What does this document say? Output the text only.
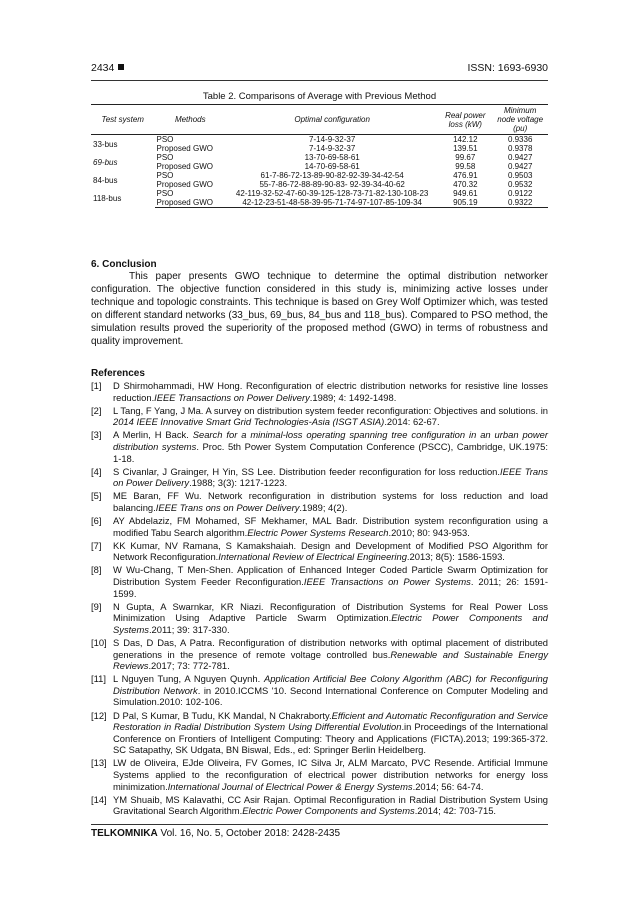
2434	ISSN: 1693-6930
Table 2. Comparisons of Average with Previous Method
Test system	Methods	Optimal configuration	Real power loss (kW)	Minimum node voltage (pu)
33-bus	PSO	7-14-9-32-37	142.12	0.9336
	Proposed GWO	7-14-9-32-37	139.51	0.9378
69-bus	PSO	13-70-69-58-61	99.67	0.9427
	Proposed GWO	14-70-69-58-61	99.58	0.9427
84-bus	PSO	61-7-86-72-13-89-90-82-92-39-34-42-54	476.91	0.9503
	Proposed GWO	55-7-86-72-88-89-90-83- 92-39-34-40-62	470.32	0.9532
118-bus	PSO	42-119-32-52-47-60-39-125-128-73-71-82-130-108-23	949.61	0.9122
	Proposed GWO	42-12-23-51-48-58-39-95-71-74-97-107-85-109-34	905.19	0.9322
6. Conclusion
This paper presents GWO technique to determine the optimal distribution networker configuration. The objective function considered in this study is, minimizing active losses under technique and topologic constraints. This technique is based on Grey Wolf Optimizer which, was tested on different standard networks (33_bus, 69_bus, 84_bus and 118_bus). Compared to PSO method, the simulation results proved the superiority of the proposed method (GWO) in terms of robustness and quality improvement.
References
[1] D Shirmohammadi, HW Hong. Reconfiguration of electric distribution networks for resistive line losses reduction.IEEE Transactions on Power Delivery.1989; 4: 1492-1498.
[2] L Tang, F Yang, J Ma. A survey on distribution system feeder reconfiguration: Objectives and solutions. in 2014 IEEE Innovative Smart Grid Technologies-Asia (ISGT ASIA).2014: 62-67.
[3] A Merlin, H Back. Search for a minimal-loss operating spanning tree configuration in an urban power distribution systems. Proc. 5th Power System Computation Conference (PSCC), Cambridge, UK.1975: 1-18.
[4] S Civanlar, J Grainger, H Yin, SS Lee. Distribution feeder reconfiguration for loss reduction.IEEE Trans on Power Delivery.1988; 3(3): 1217-1223.
[5] ME Baran, FF Wu. Network reconfiguration in distribution systems for loss reduction and load balancing.IEEE Trans ons on Power Delivery.1989; 4(2).
[6] AY Abdelaziz, FM Mohamed, SF Mekhamer, MAL Badr. Distribution system reconfiguration using a modified Tabu Search algorithm.Electric Power Systems Research.2010; 80: 943-953.
[7] KK Kumar, NV Ramana, S Kamakshaiah. Design and Development of Modified PSO Algorithm for Network Reconfiguration.International Review of Electrical Engineering.2013; 8(5): 1586-1593.
[8] W Wu-Chang, T Men-Shen. Application of Enhanced Integer Coded Particle Swarm Optimization for Distribution System Feeder Reconfiguration.IEEE Transactions on Power Systems. 2011; 26: 1591-1599.
[9] N Gupta, A Swarnkar, KR Niazi. Reconfiguration of Distribution Systems for Real Power Loss Minimization Using Adaptive Particle Swarm Optimization.Electric Power Components and Systems.2011; 39: 317-330.
[10] S Das, D Das, A Patra. Reconfiguration of distribution networks with optimal placement of distributed generations in the presence of remote voltage controlled bus.Renewable and Sustainable Energy Reviews.2017; 73: 772-781.
[11] L Nguyen Tung, A Nguyen Quynh. Application Artificial Bee Colony Algorithm (ABC) for Reconfiguring Distribution Network. in 2010.ICCMS '10. Second International Conference on Computer Modeling and Simulation.2010: 102-106.
[12] D Pal, S Kumar, B Tudu, KK Mandal, N Chakraborty.Efficient and Automatic Reconfiguration and Service Restoration in Radial Distribution System Using Differential Evolution.in Proceedings of the International Conference on Frontiers of Intelligent Computing: Theory and Applications (FICTA).2013; 199:365-372. SC Satapathy, SK Udgata, BN Biswal, Eds., ed: Springer Berlin Heidelberg.
[13] LW de Oliveira, EJde Oliveira, FV Gomes, IC Silva Jr, ALM Marcato, PVC Resende. Artificial Immune Systems applied to the reconfiguration of electrical power distribution networks for energy loss minimization.International Journal of Electrical Power & Energy Systems.2014; 56: 64-74.
[14] YM Shuaib, MS Kalavathi, CC Asir Rajan. Optimal Reconfiguration in Radial Distribution System Using Gravitational Search Algorithm.Electric Power Components and Systems.2014; 42: 703-715.
TELKOMNIKA Vol. 16, No. 5, October 2018: 2428-2435
